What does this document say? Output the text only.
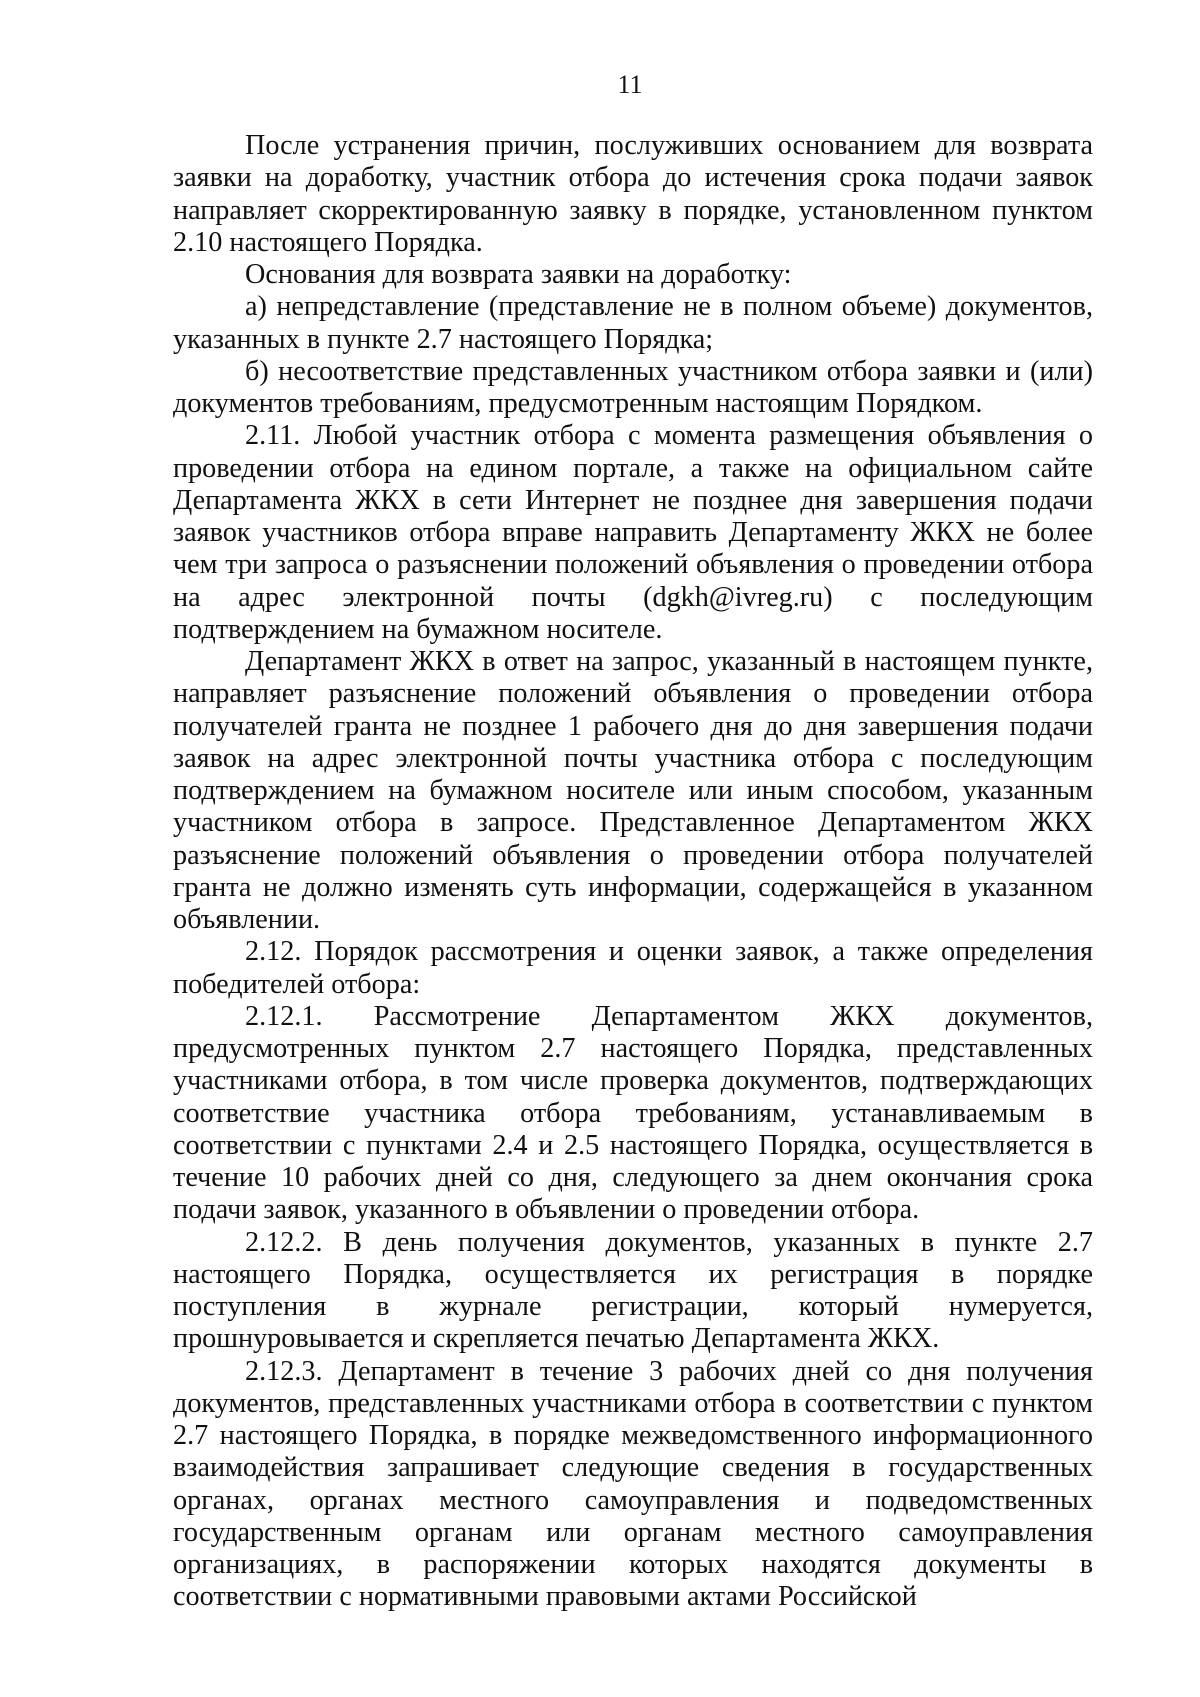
11

После устранения причин, послуживших основанием для возврата заявки на доработку, участник отбора до истечения срока подачи заявок направляет скорректированную заявку в порядке, установленном пунктом 2.10 настоящего Порядка.

Основания для возврата заявки на доработку:

а) непредставление (представление не в полном объеме) документов, указанных в пункте 2.7 настоящего Порядка;

б) несоответствие представленных участником отбора заявки и (или) документов требованиям, предусмотренным настоящим Порядком.

2.11. Любой участник отбора с момента размещения объявления о проведении отбора на едином портале, а также на официальном сайте Департамента ЖКХ в сети Интернет не позднее дня завершения подачи заявок участников отбора вправе направить Департаменту ЖКХ не более чем три запроса о разъяснении положений объявления о проведении отбора на адрес электронной почты (dgkh@ivreg.ru) с последующим подтверждением на бумажном носителе.

Департамент ЖКХ в ответ на запрос, указанный в настоящем пункте, направляет разъяснение положений объявления о проведении отбора получателей гранта не позднее 1 рабочего дня до дня завершения подачи заявок на адрес электронной почты участника отбора с последующим подтверждением на бумажном носителе или иным способом, указанным участником отбора в запросе. Представленное Департаментом ЖКХ разъяснение положений объявления о проведении отбора получателей гранта не должно изменять суть информации, содержащейся в указанном объявлении.

2.12. Порядок рассмотрения и оценки заявок, а также определения победителей отбора:

2.12.1. Рассмотрение Департаментом ЖКХ документов, предусмотренных пунктом 2.7 настоящего Порядка, представленных участниками отбора, в том числе проверка документов, подтверждающих соответствие участника отбора требованиям, устанавливаемым в соответствии с пунктами 2.4 и 2.5 настоящего Порядка, осуществляется в течение 10 рабочих дней со дня, следующего за днем окончания срока подачи заявок, указанного в объявлении о проведении отбора.

2.12.2. В день получения документов, указанных в пункте 2.7 настоящего Порядка, осуществляется их регистрация в порядке поступления в журнале регистрации, который нумеруется, прошнуровывается и скрепляется печатью Департамента ЖКХ.

2.12.3. Департамент в течение 3 рабочих дней со дня получения документов, представленных участниками отбора в соответствии с пунктом 2.7 настоящего Порядка, в порядке межведомственного информационного взаимодействия запрашивает следующие сведения в государственных органах, органах местного самоуправления и подведомственных государственным органам или органам местного самоуправления организациях, в распоряжении которых находятся документы в соответствии с нормативными правовыми актами Российской
